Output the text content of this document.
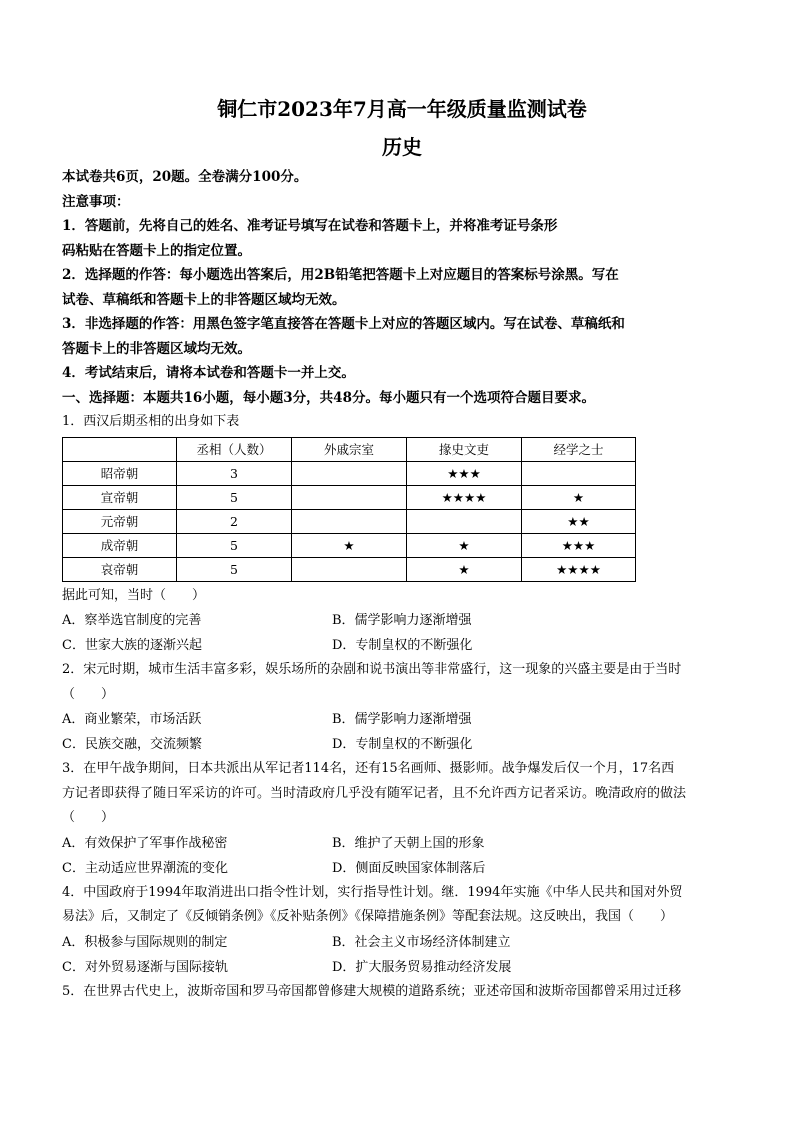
铜仁市2023年7月高一年级质量监测试卷
历史
本试卷共6页，20题。全卷满分100分。
注意事项：
1．答题前，先将自己的姓名、准考证号填写在试卷和答题卡上，并将准考证号条形
码粘贴在答题卡上的指定位置。
2．选择题的作答：每小题选出答案后，用2B铅笔把答题卡上对应题目的答案标号涂黑。写在
试卷、草稿纸和答题卡上的非答题区域均无效。
3．非选择题的作答：用黑色签字笔直接答在答题卡上对应的答题区域内。写在试卷、草稿纸和
答题卡上的非答题区域均无效。
4．考试结束后，请将本试卷和答题卡一并上交。
一、选择题：本题共16小题，每小题3分，共48分。每小题只有一个选项符合题目要求。
1．西汉后期丞相的出身如下表
	丞相（人数）	外戚宗室	掾史文吏	经学之士
昭帝朝	3		★★★	
宣帝朝	5		★★★★	★
元帝朝	2			★★
成帝朝	5	★	★	★★★
哀帝朝	5		★	★★★★
据此可知，当时（　　）
A．察举选官制度的完善	B．儒学影响力逐渐增强
C．世家大族的逐渐兴起	D．专制皇权的不断强化
2．宋元时期，城市生活丰富多彩，娱乐场所的杂剧和说书演出等非常盛行，这一现象的兴盛主要是由于当时
（　　）
A．商业繁荣，市场活跃	B．儒学影响力逐渐增强
C．民族交融，交流频繁	D．专制皇权的不断强化
3．在甲午战争期间，日本共派出从军记者114名，还有15名画师、摄影师。战争爆发后仅一个月，17名西
方记者即获得了随日军采访的许可。当时清政府几乎没有随军记者，且不允许西方记者采访。晚清政府的做法
（　　）
A．有效保护了军事作战秘密	B．维护了天朝上国的形象
C．主动适应世界潮流的变化	D．侧面反映国家体制落后
4．中国政府于1994年取消进出口指令性计划，实行指导性计划。继．1994年实施《中华人民共和国对外贸
易法》后，又制定了《反倾销条例》《反补贴条例》《保障措施条例》等配套法规。这反映出，我国（　　）
A．积极参与国际规则的制定	B．社会主义市场经济体制建立
C．对外贸易逐渐与国际接轨	D．扩大服务贸易推动经济发展
5．在世界古代史上，波斯帝国和罗马帝国都曾修建大规模的道路系统；亚述帝国和波斯帝国都曾采用过迁移
